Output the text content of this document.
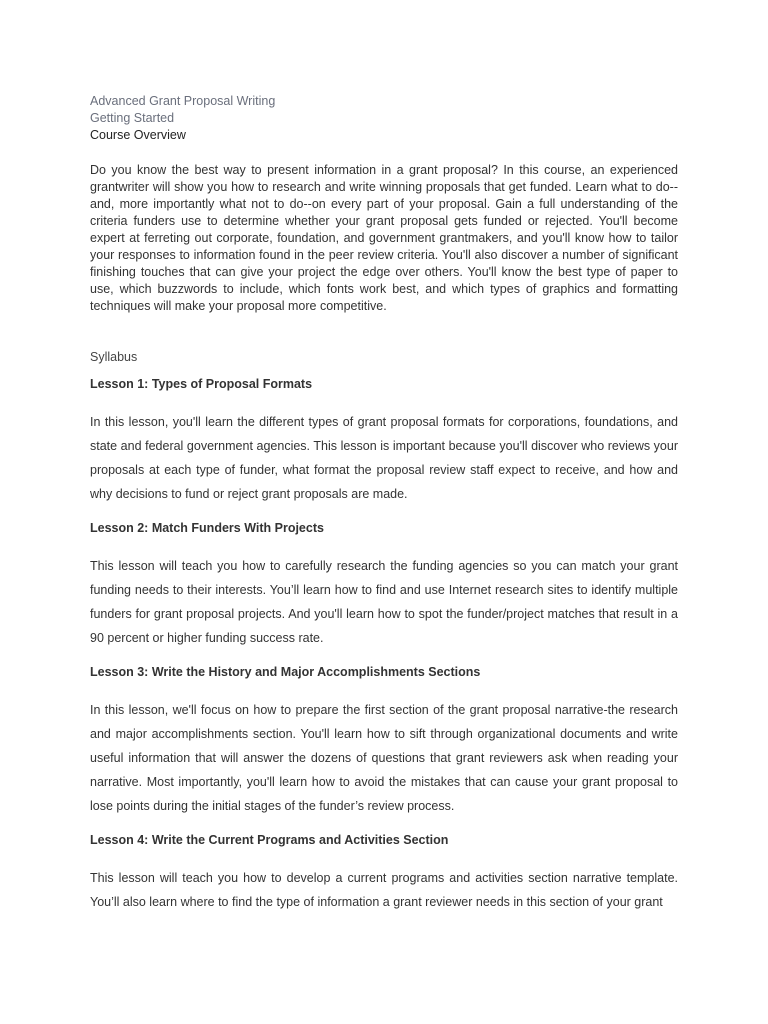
Advanced Grant Proposal Writing
Getting Started
Course Overview
Do you know the best way to present information in a grant proposal? In this course, an experienced grantwriter will show you how to research and write winning proposals that get funded. Learn what to do--and, more importantly what not to do--on every part of your proposal. Gain a full understanding of the criteria funders use to determine whether your grant proposal gets funded or rejected. You'll become expert at ferreting out corporate, foundation, and government grantmakers, and you'll know how to tailor your responses to information found in the peer review criteria. You'll also discover a number of significant finishing touches that can give your project the edge over others. You'll know the best type of paper to use, which buzzwords to include, which fonts work best, and which types of graphics and formatting techniques will make your proposal more competitive.
Syllabus
Lesson 1: Types of Proposal Formats
In this lesson, you'll learn the different types of grant proposal formats for corporations, foundations, and state and federal government agencies. This lesson is important because you'll discover who reviews your proposals at each type of funder, what format the proposal review staff expect to receive, and how and why decisions to fund or reject grant proposals are made.
Lesson 2: Match Funders With Projects
This lesson will teach you how to carefully research the funding agencies so you can match your grant funding needs to their interests. You’ll learn how to find and use Internet research sites to identify multiple funders for grant proposal projects. And you'll learn how to spot the funder/project matches that result in a 90 percent or higher funding success rate.
Lesson 3: Write the History and Major Accomplishments Sections
In this lesson, we'll focus on how to prepare the first section of the grant proposal narrative-the research and major accomplishments section. You'll learn how to sift through organizational documents and write useful information that will answer the dozens of questions that grant reviewers ask when reading your narrative. Most importantly, you'll learn how to avoid the mistakes that can cause your grant proposal to lose points during the initial stages of the funder’s review process.
Lesson 4: Write the Current Programs and Activities Section
This lesson will teach you how to develop a current programs and activities section narrative template. You’ll also learn where to find the type of information a grant reviewer needs in this section of your grant
